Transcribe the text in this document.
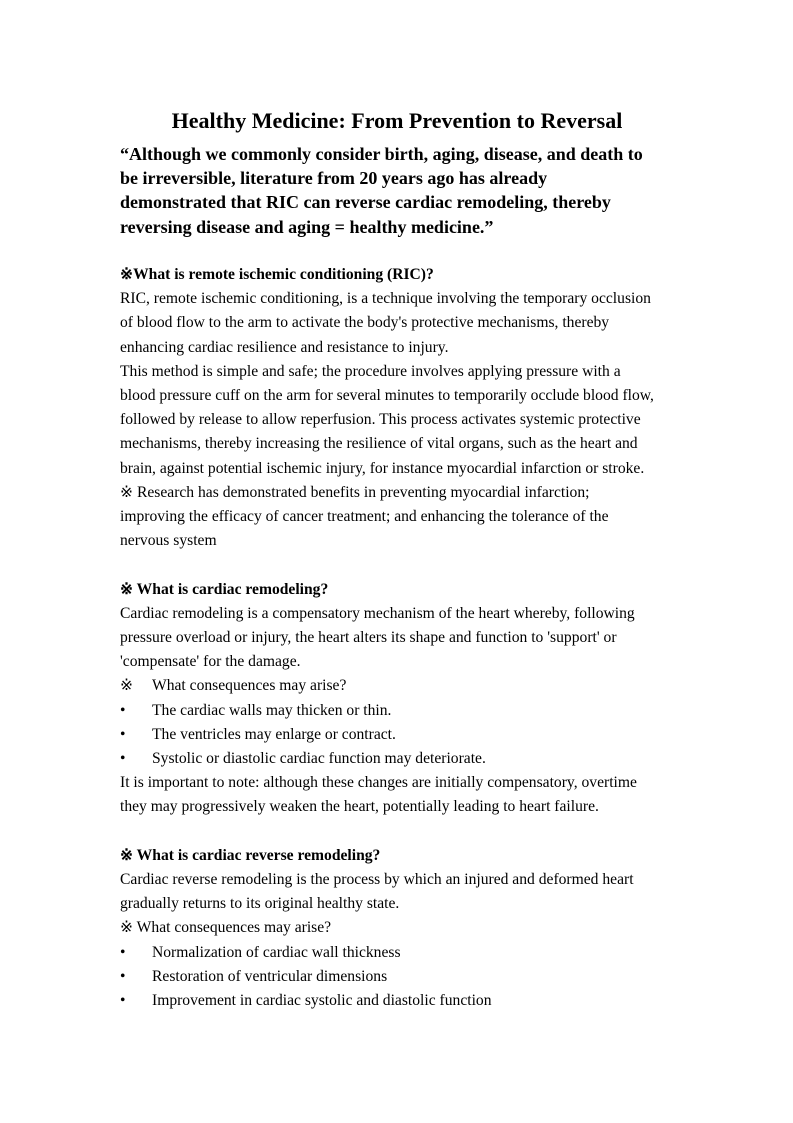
Healthy Medicine: From Prevention to Reversal

“Although we commonly consider birth, aging, disease, and death to
be irreversible, literature from 20 years ago has already
demonstrated that RIC can reverse cardiac remodeling, thereby
reversing disease and aging = healthy medicine.”

※What is remote ischemic conditioning (RIC)?

RIC, remote ischemic conditioning, is a technique involving the temporary occlusion
of blood flow to the arm to activate the body's protective mechanisms, thereby
enhancing cardiac resilience and resistance to injury.

This method is simple and safe; the procedure involves applying pressure with a
blood pressure cuff on the arm for several minutes to temporarily occlude blood flow,
followed by release to allow reperfusion. This process activates systemic protective
mechanisms, thereby increasing the resilience of vital organs, such as the heart and
brain, against potential ischemic injury, for instance myocardial infarction or stroke.

※ Research has demonstrated benefits in preventing myocardial infarction;
improving the efficacy of cancer treatment; and enhancing the tolerance of the
nervous system

※ What is cardiac remodeling?

Cardiac remodeling is a compensatory mechanism of the heart whereby, following
pressure overload or injury, the heart alters its shape and function to 'support' or
'compensate' for the damage.

※	What consequences may arise?
•	The cardiac walls may thicken or thin.
•	The ventricles may enlarge or contract.
•	Systolic or diastolic cardiac function may deteriorate.

It is important to note: although these changes are initially compensatory, overtime
they may progressively weaken the heart, potentially leading to heart failure.

※ What is cardiac reverse remodeling?

Cardiac reverse remodeling is the process by which an injured and deformed heart
gradually returns to its original healthy state.

※ What consequences may arise?
•	Normalization of cardiac wall thickness
•	Restoration of ventricular dimensions
•	Improvement in cardiac systolic and diastolic function
